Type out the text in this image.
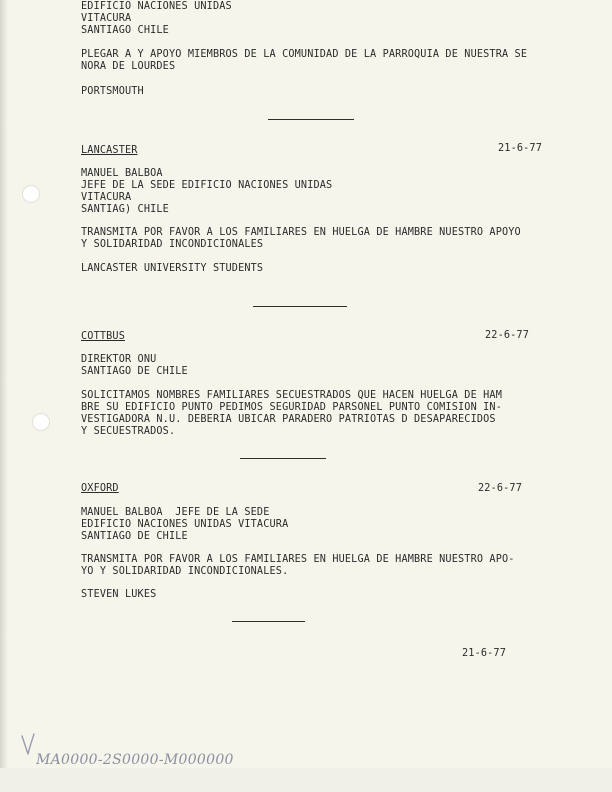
EDIFICIO NACIONES UNIDAS

VITACURA

SANTIAGO CHILE

PLEGAR A Y APOYO MIEMBROS DE LA COMUNIDAD DE LA PARROQUIA DE NUESTRA SE

NORA DE LOURDES

PORTSMOUTH

LANCASTER	21-6-77

MANUEL BALBOA

JEFE DE LA SEDE EDIFICIO NACIONES UNIDAS

VITACURA

SANTIAG) CHILE

TRANSMITA POR FAVOR A LOS FAMILIARES EN HUELGA DE HAMBRE NUESTRO APOYO

Y SOLIDARIDAD INCONDICIONALES

LANCASTER UNIVERSITY STUDENTS

COTTBUS	22-6-77

DIREKTOR ONU

SANTIAGO DE CHILE

SOLICITAMOS NOMBRES FAMILIARES SECUESTRADOS QUE HACEN HUELGA DE HAM

BRE SU EDIFICIO PUNTO PEDIMOS SEGURIDAD PARSONEL PUNTO COMISION IN-

VESTIGADORA N.U. DEBERIA UBICAR PARADERO PATRIOTAS D DESAPARECIDOS

Y SECUESTRADOS.

OXFORD	22-6-77

MANUEL BALBOA  JEFE DE LA SEDE

EDIFICIO NACIONES UNIDAS VITACURA

SANTIAGO DE CHILE

TRANSMITA POR FAVOR A LOS FAMILIARES EN HUELGA DE HAMBRE NUESTRO APO-

YO Y SOLIDARIDAD INCONDICIONALES.

STEVEN LUKES

21-6-77

MA0000-2S0000-M000000
